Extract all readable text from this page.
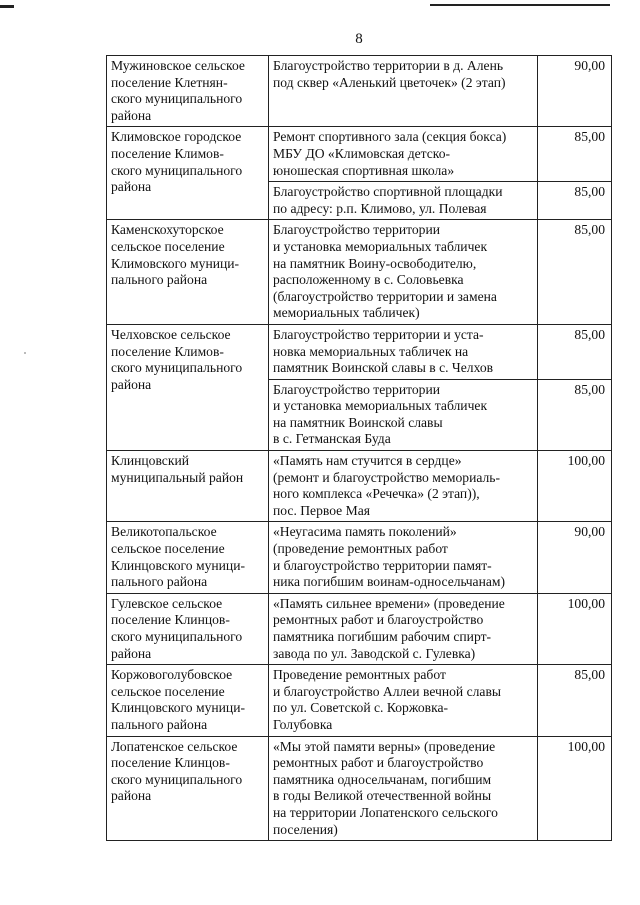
8
Мужиновское сельское
поселение Клетнян-
ского муниципального
района
Благоустройство территории в д. Алень
под сквер «Аленький цветочек» (2 этап)
90,00
Климовское городское
поселение Климов-
ского муниципального
района
Ремонт спортивного зала (секция бокса)
МБУ ДО «Климовская детско-
юношеская спортивная школа»
85,00
Благоустройство спортивной площадки
по адресу: р.п. Климово, ул. Полевая
85,00
Каменскохуторское
сельское поселение
Климовского муници-
пального района
Благоустройство территории
и установка мемориальных табличек
на памятник Воину-освободителю,
расположенному в с. Соловьевка
(благоустройство территории и замена
мемориальных табличек)
85,00
Челховское сельское
поселение Климов-
ского муниципального
района
Благоустройство территории и уста-
новка мемориальных табличек на
памятник Воинской славы в с. Челхов
85,00
Благоустройство территории
и установка мемориальных табличек
на памятник Воинской славы
в с. Гетманская Буда
85,00
Клинцовский
муниципальный район
«Память нам стучится в сердце»
(ремонт и благоустройство мемориаль-
ного комплекса «Речечка» (2 этап)),
пос. Первое Мая
100,00
Великотопальское
сельское поселение
Клинцовского муници-
пального района
«Неугасима память поколений»
(проведение ремонтных работ
и благоустройство территории памят-
ника погибшим воинам-односельчанам)
90,00
Гулевское сельское
поселение Клинцов-
ского муниципального
района
«Память сильнее времени» (проведение
ремонтных работ и благоустройство
памятника погибшим рабочим спирт-
завода по ул. Заводской с. Гулевка)
100,00
Коржовоголубовское
сельское поселение
Клинцовского муници-
пального района
Проведение ремонтных работ
и благоустройство Аллеи вечной славы
по ул. Советской с. Коржовка-
Голубовка
85,00
Лопатенское сельское
поселение Клинцов-
ского муниципального
района
«Мы этой памяти верны» (проведение
ремонтных работ и благоустройство
памятника односельчанам, погибшим
в годы Великой отечественной войны
на территории Лопатенского сельского
поселения)
100,00
